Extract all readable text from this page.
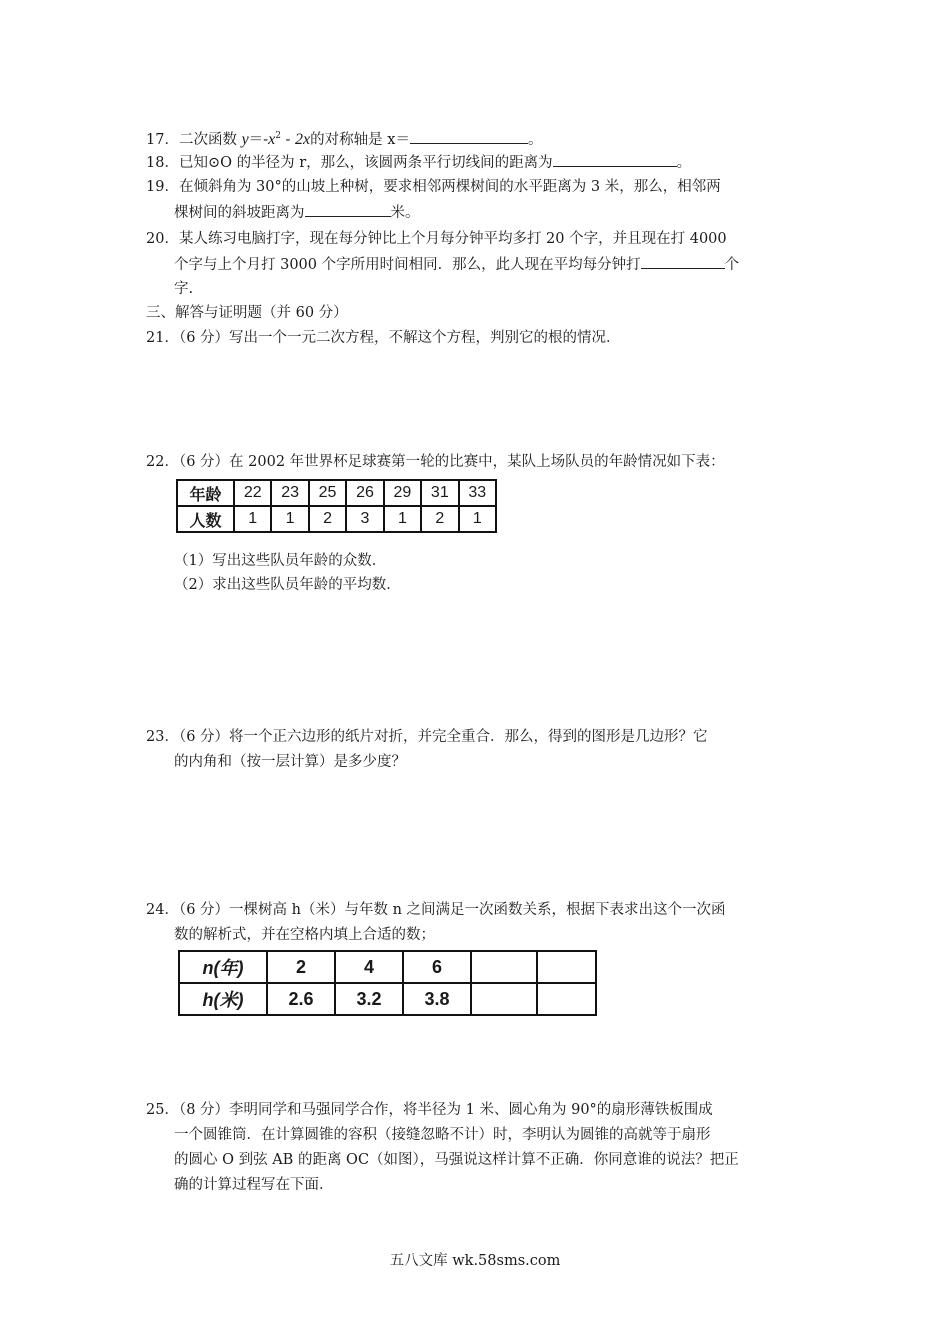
17．二次函数 $y=-x^2 - 2x$的对称轴是 x＝	。
18．已知⊙O 的半径为 r，那么，该圆两条平行切线间的距离为	。
19．在倾斜角为 30°的山坡上种树，要求相邻两棵树间的水平距离为 3 米，那么，相邻两
棵树间的斜坡距离为	米。
20．某人练习电脑打字，现在每分钟比上个月每分钟平均多打 20 个字，并且现在打 4000
个字与上个月打 3000 个字所用时间相同．那么，此人现在平均每分钟打	个
字.
三、解答与证明题（并 60 分）
21．（6 分）写出一个一元二次方程，不解这个方程，判别它的根的情况．
22．（6 分）在 2002 年世界杯足球赛第一轮的比赛中，某队上场队员的年龄情况如下表：
年龄	22	23	25	26	29	31	33
人数	1	1	2	3	1	2	1
（1）写出这些队员年龄的众数．
（2）求出这些队员年龄的平均数．
23．（6 分）将一个正六边形的纸片对折，并完全重合．那么，得到的图形是几边形？它
的内角和（按一层计算）是多少度？
24．（6 分）一棵树高 h（米）与年数 n 之间满足一次函数关系，根据下表求出这个一次函
数的解析式，并在空格内填上合适的数；
n(年)	2	4	6		
h(米)	2.6	3.2	3.8		
25．（8 分）李明同学和马强同学合作，将半径为 1 米、圆心角为 90°的扇形薄铁板围成
一个圆锥筒．在计算圆锥的容积（接缝忽略不计）时，李明认为圆锥的高就等于扇形
的圆心 O 到弦 AB 的距离 OC（如图），马强说这样计算不正确．你同意谁的说法？把正
确的计算过程写在下面．
五八文库 wk.58sms.com
